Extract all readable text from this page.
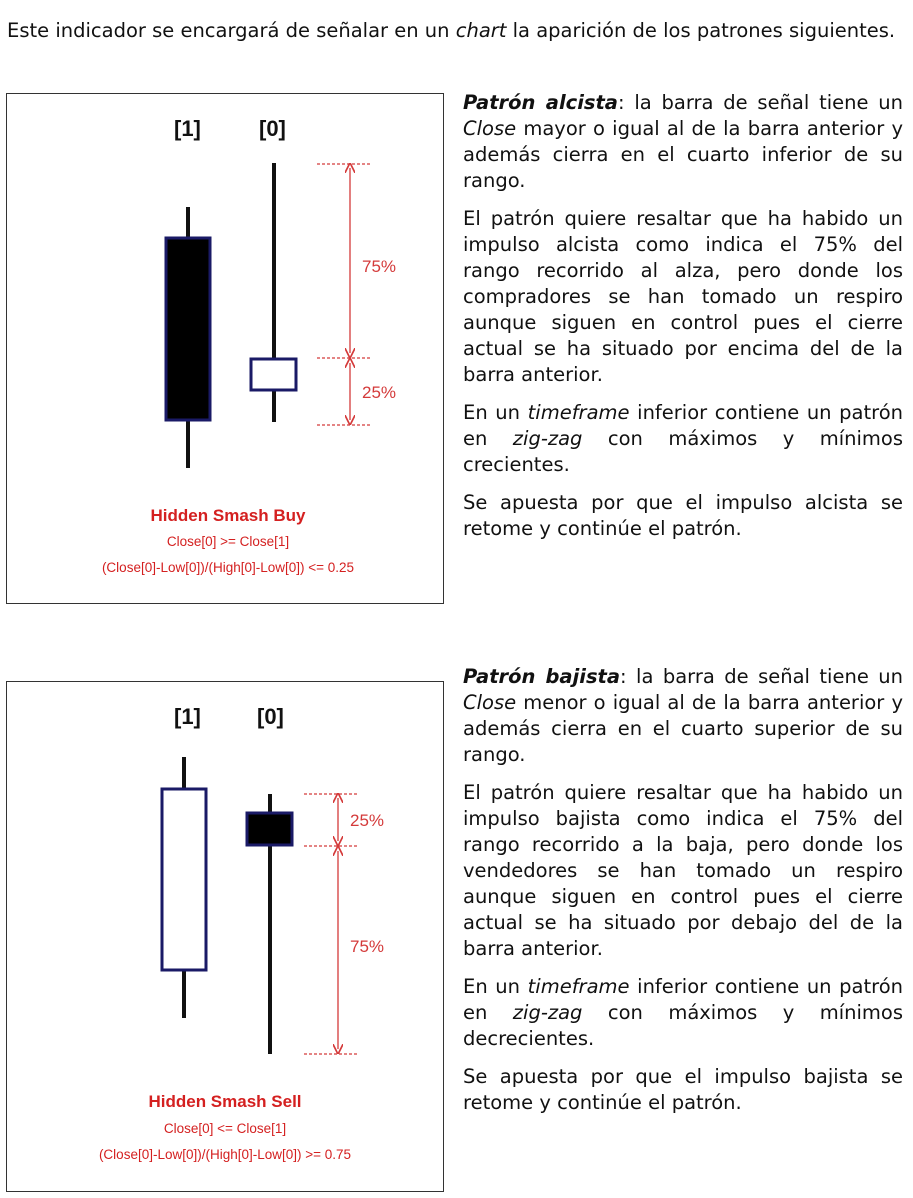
Este indicador se encargará de señalar en un chart la aparición de los patrones siguientes.

[1]	[0]
75%
25%
Hidden Smash Buy
Close[0] >= Close[1]
(Close[0]-Low[0])/(High[0]-Low[0]) <= 0.25

Patrón alcista: la barra de señal tiene un Close mayor o igual al de la barra anterior y además cierra en el cuarto inferior de su rango.

El patrón quiere resaltar que ha habido un impulso alcista como indica el 75% del rango recorrido al alza, pero donde los compradores se han tomado un respiro aunque siguen en control pues el cierre actual se ha situado por encima del de la barra anterior.

En un timeframe inferior contiene un patrón en zig-zag con máximos y mínimos crecientes.

Se apuesta por que el impulso alcista se retome y continúe el patrón.

[1]	[0]
25%
75%
Hidden Smash Sell
Close[0] <= Close[1]
(Close[0]-Low[0])/(High[0]-Low[0]) >= 0.75

Patrón bajista: la barra de señal tiene un Close menor o igual al de la barra anterior y además cierra en el cuarto superior de su rango.

El patrón quiere resaltar que ha habido un impulso bajista como indica el 75% del rango recorrido a la baja, pero donde los vendedores se han tomado un respiro aunque siguen en control pues el cierre actual se ha situado por debajo del de la barra anterior.

En un timeframe inferior contiene un patrón en zig-zag con máximos y mínimos decrecientes.

Se apuesta por que el impulso bajista se retome y continúe el patrón.
